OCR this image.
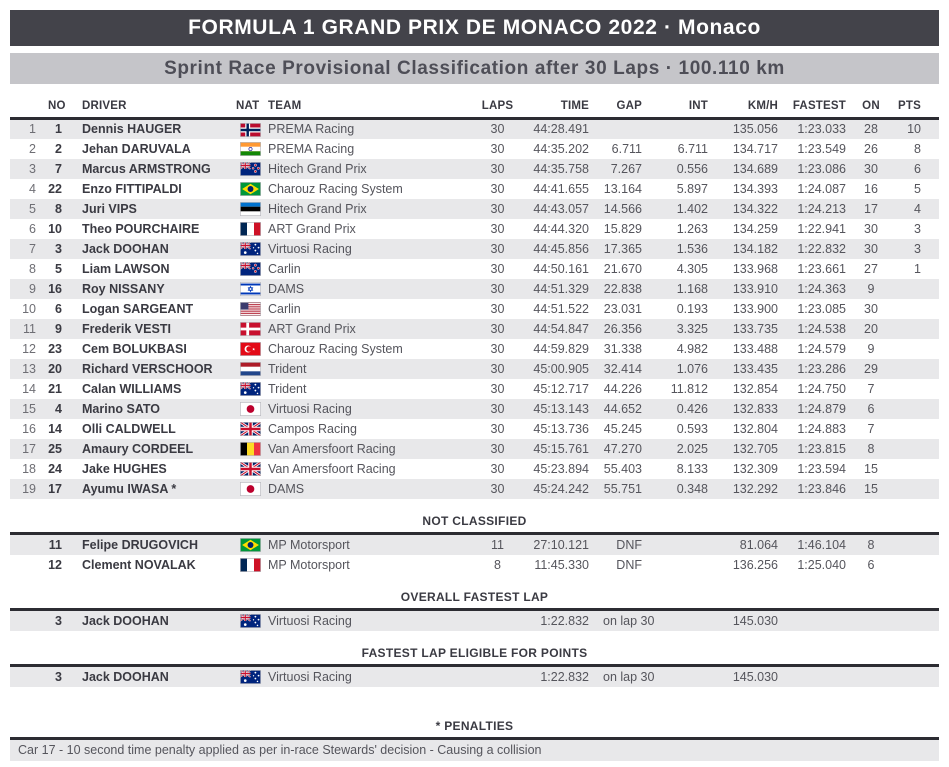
FORMULA 1 GRAND PRIX DE MONACO 2022 · Monaco
Sprint Race Provisional Classification after 30 Laps · 100.110 km
	NO	DRIVER	NAT	TEAM	LAPS	TIME	GAP	INT	KM/H	FASTEST	ON	PTS
1	1	Dennis HAUGER		PREMA Racing	30	44:28.491			135.056	1:23.033	28	10
2	2	Jehan DARUVALA		PREMA Racing	30	44:35.202	6.711	6.711	134.717	1:23.549	26	8
3	7	Marcus ARMSTRONG		Hitech Grand Prix	30	44:35.758	7.267	0.556	134.689	1:23.086	30	6
4	22	Enzo FITTIPALDI		Charouz Racing System	30	44:41.655	13.164	5.897	134.393	1:24.087	16	5
5	8	Juri VIPS		Hitech Grand Prix	30	44:43.057	14.566	1.402	134.322	1:24.213	17	4
6	10	Theo POURCHAIRE		ART Grand Prix	30	44:44.320	15.829	1.263	134.259	1:22.941	30	3
7	3	Jack DOOHAN		Virtuosi Racing	30	44:45.856	17.365	1.536	134.182	1:22.832	30	3
8	5	Liam LAWSON		Carlin	30	44:50.161	21.670	4.305	133.968	1:23.661	27	1
9	16	Roy NISSANY		DAMS	30	44:51.329	22.838	1.168	133.910	1:24.363	9	
10	6	Logan SARGEANT		Carlin	30	44:51.522	23.031	0.193	133.900	1:23.085	30	
11	9	Frederik VESTI		ART Grand Prix	30	44:54.847	26.356	3.325	133.735	1:24.538	20	
12	23	Cem BOLUKBASI		Charouz Racing System	30	44:59.829	31.338	4.982	133.488	1:24.579	9	
13	20	Richard VERSCHOOR		Trident	30	45:00.905	32.414	1.076	133.435	1:23.286	29	
14	21	Calan WILLIAMS		Trident	30	45:12.717	44.226	11.812	132.854	1:24.750	7	
15	4	Marino SATO		Virtuosi Racing	30	45:13.143	44.652	0.426	132.833	1:24.879	6	
16	14	Olli CALDWELL		Campos Racing	30	45:13.736	45.245	0.593	132.804	1:24.883	7	
17	25	Amaury CORDEEL		Van Amersfoort Racing	30	45:15.761	47.270	2.025	132.705	1:23.815	8	
18	24	Jake HUGHES		Van Amersfoort Racing	30	45:23.894	55.403	8.133	132.309	1:23.594	15	
19	17	Ayumu IWASA *		DAMS	30	45:24.242	55.751	0.348	132.292	1:23.846	15	
NOT CLASSIFIED
	11	Felipe DRUGOVICH		MP Motorsport	11	27:10.121	DNF		81.064	1:46.104	8	
	12	Clement NOVALAK		MP Motorsport	8	11:45.330	DNF		136.256	1:25.040	6	
OVERALL FASTEST LAP
	3	Jack DOOHAN		Virtuosi Racing		1:22.832	on lap 30	145.030			
FASTEST LAP ELIGIBLE FOR POINTS
	3	Jack DOOHAN		Virtuosi Racing		1:22.832	on lap 30	145.030			
* PENALTIES
Car 17 - 10 second time penalty applied as per in-race Stewards' decision - Causing a collision
